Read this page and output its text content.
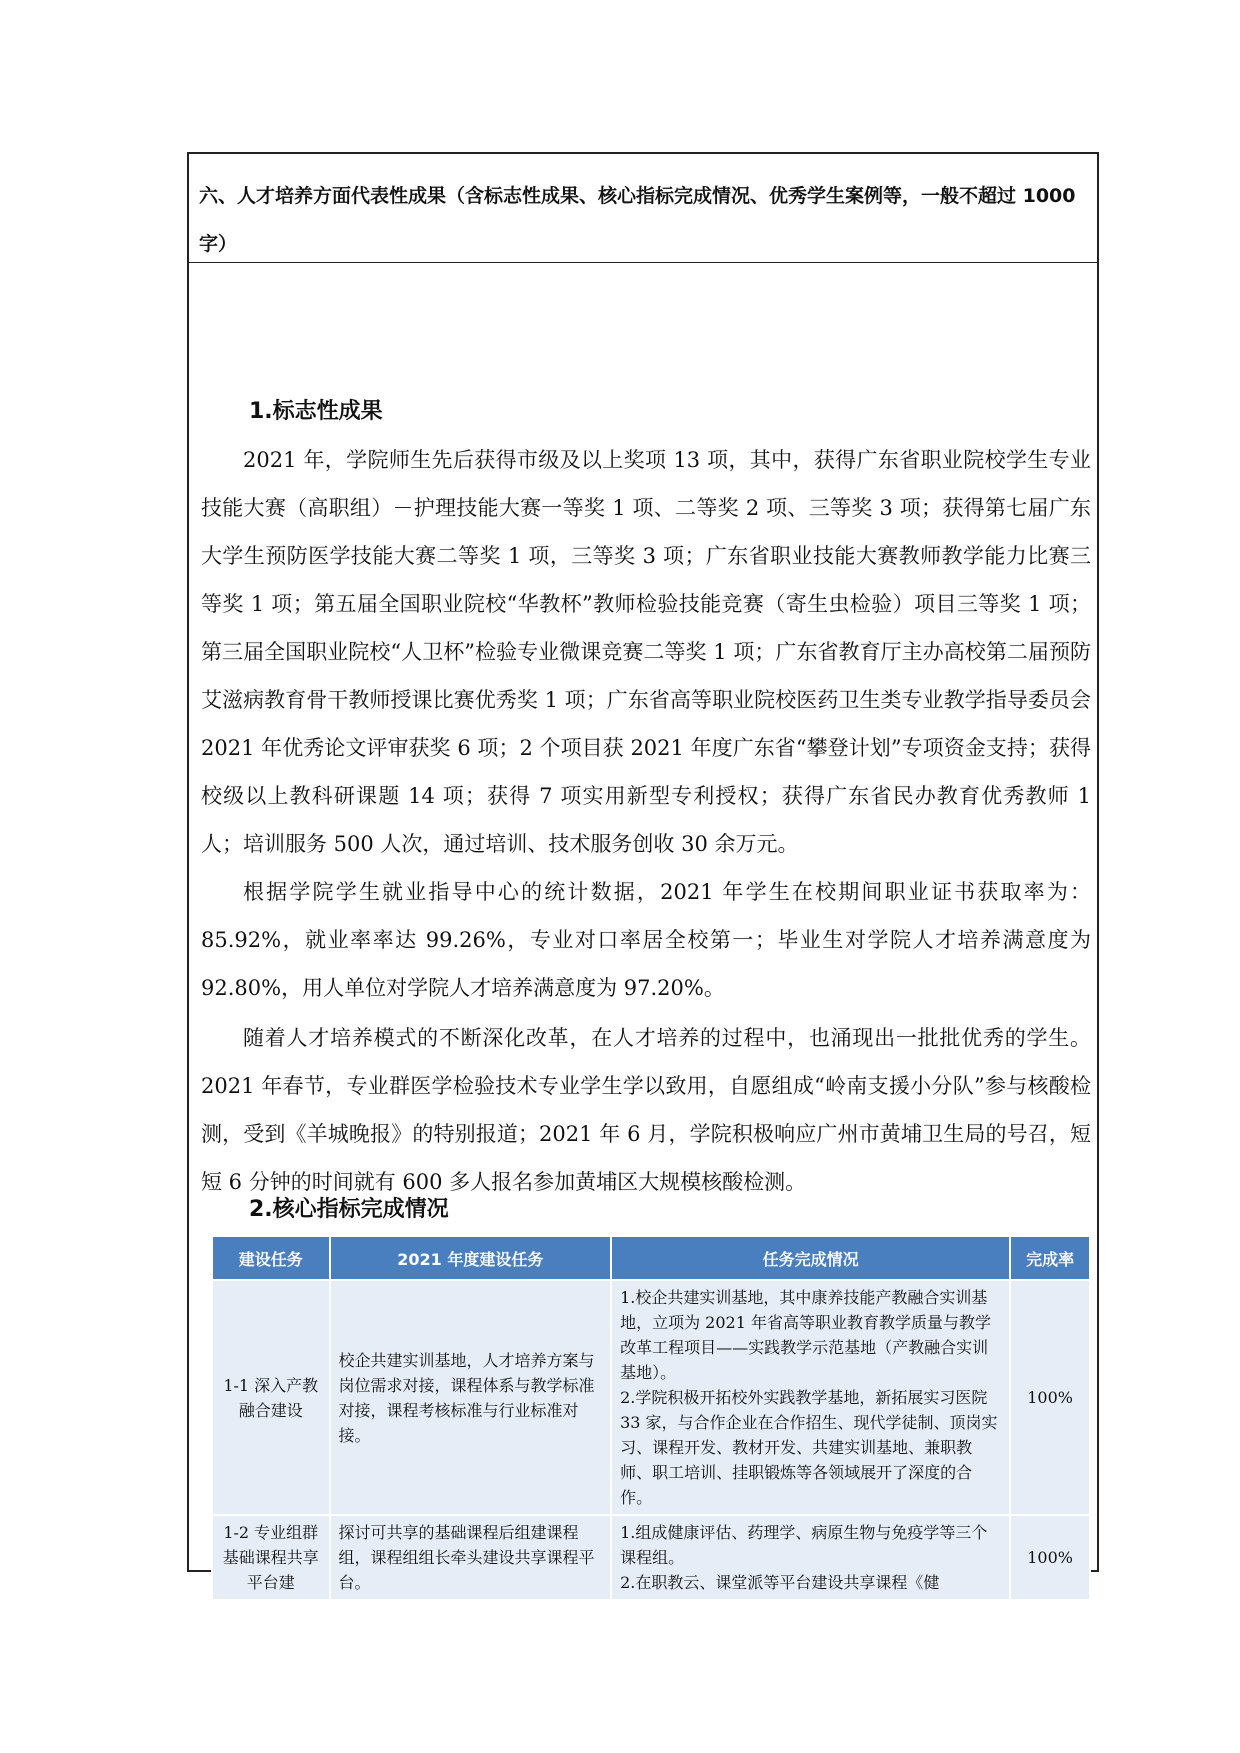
六、人才培养方面代表性成果（含标志性成果、核心指标完成情况、优秀学生案例等，一般不超过 1000 字）

1.标志性成果

2021 年，学院师生先后获得市级及以上奖项 13 项，其中，获得广东省职业院校学生专业技能大赛（高职组）－护理技能大赛一等奖 1 项、二等奖 2 项、三等奖 3 项；获得第七届广东大学生预防医学技能大赛二等奖 1 项，三等奖 3 项；广东省职业技能大赛教师教学能力比赛三等奖 1 项；第五届全国职业院校“华教杯”教师检验技能竞赛（寄生虫检验）项目三等奖 1 项；第三届全国职业院校“人卫杯”检验专业微课竞赛二等奖 1 项；广东省教育厅主办高校第二届预防艾滋病教育骨干教师授课比赛优秀奖 1 项；广东省高等职业院校医药卫生类专业教学指导委员会 2021 年优秀论文评审获奖 6 项；2 个项目获 2021 年度广东省“攀登计划”专项资金支持；获得校级以上教科研课题 14 项；获得 7 项实用新型专利授权；获得广东省民办教育优秀教师 1 人；培训服务 500 人次，通过培训、技术服务创收 30 余万元。

根据学院学生就业指导中心的统计数据，2021 年学生在校期间职业证书获取率为：85.92%，就业率率达 99.26%，专业对口率居全校第一；毕业生对学院人才培养满意度为 92.80%，用人单位对学院人才培养满意度为 97.20%。

随着人才培养模式的不断深化改革，在人才培养的过程中，也涌现出一批批优秀的学生。2021 年春节，专业群医学检验技术专业学生学以致用，自愿组成“岭南支援小分队”参与核酸检测，受到《羊城晚报》的特别报道；2021 年 6 月，学院积极响应广州市黄埔卫生局的号召，短短 6 分钟的时间就有 600 多人报名参加黄埔区大规模核酸检测。

2.核心指标完成情况

建设任务	2021 年度建设任务	任务完成情况	完成率
1-1 深入产教融合建设	校企共建实训基地，人才培养方案与岗位需求对接，课程体系与教学标准对接，课程考核标准与行业标准对接。	1.校企共建实训基地，其中康养技能产教融合实训基地，立项为 2021 年省高等职业教育教学质量与教学改革工程项目——实践教学示范基地（产教融合实训基地）。
2.学院积极开拓校外实践教学基地，新拓展实习医院 33 家，与合作企业在合作招生、现代学徒制、顶岗实习、课程开发、教材开发、共建实训基地、兼职教师、职工培训、挂职锻炼等各领域展开了深度的合作。	100%
1-2 专业组群基础课程共享平台建	探讨可共享的基础课程后组建课程组，课程组组长牵头建设共享课程平台。	1.组成健康评估、药理学、病原生物与免疫学等三个课程组。
2.在职教云、课堂派等平台建设共享课程《健	100%
